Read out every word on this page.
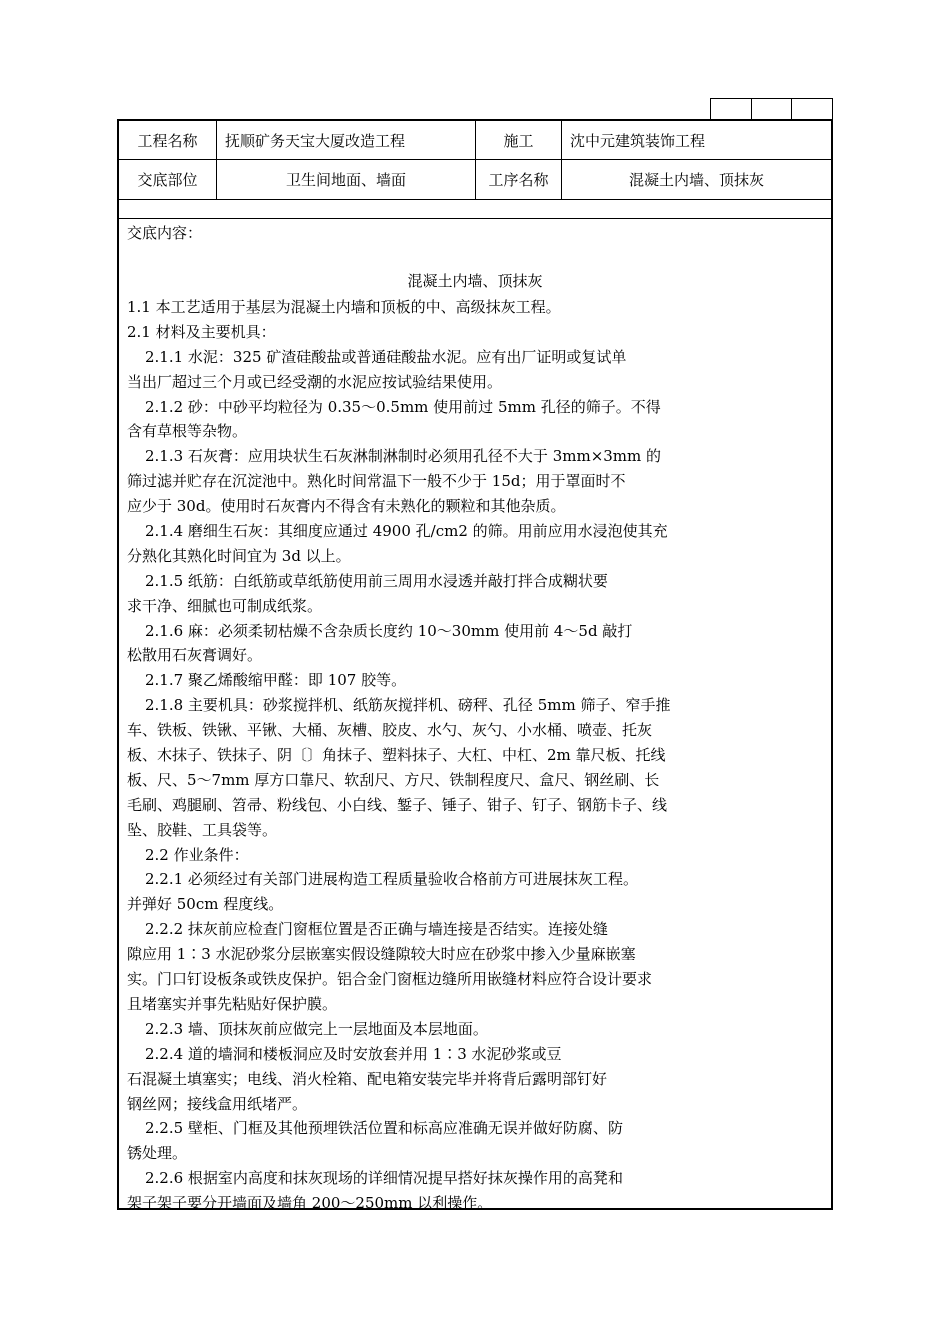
工程名称	抚顺矿务天宝大厦改造工程	施工	沈中元建筑装饰工程
交底部位	卫生间地面、墙面	工序名称	混凝土内墙、顶抹灰
交底内容：
混凝土内墙、顶抹灰
1.1 本工艺适用于基层为混凝土内墙和顶板的中、高级抹灰工程。
2.1 材料及主要机具：
2.1.1 水泥：325 矿渣硅酸盐或普通硅酸盐水泥。应有出厂证明或复试单
当出厂超过三个月或已经受潮的水泥应按试验结果使用。
2.1.2 砂：中砂平均粒径为 0.35～0.5mm 使用前过 5mm 孔径的筛子。不得
含有草根等杂物。
2.1.3 石灰膏：应用块状生石灰淋制淋制时必须用孔径不大于 3mm×3mm 的
筛过滤并贮存在沉淀池中。熟化时间常温下一般不少于 15d；用于罩面时不
应少于 30d。使用时石灰膏内不得含有未熟化的颗粒和其他杂质。
2.1.4 磨细生石灰：其细度应通过 4900 孔/cm2 的筛。用前应用水浸泡使其充
分熟化其熟化时间宜为 3d 以上。
2.1.5 纸筋：白纸筋或草纸筋使用前三周用水浸透并敲打拌合成糊状要
求干净、细腻也可制成纸浆。
2.1.6 麻：必须柔韧枯燥不含杂质长度约 10～30mm 使用前 4～5d 敲打
松散用石灰膏调好。
2.1.7 聚乙烯酸缩甲醛：即 107 胶等。
2.1.8 主要机具：砂浆搅拌机、纸筋灰搅拌机、磅秤、孔径 5mm 筛子、窄手推
车、铁板、铁锹、平锹、大桶、灰槽、胶皮、水勺、灰勺、小水桶、喷壶、托灰
板、木抹子、铁抹子、阴〔〕角抹子、塑料抹子、大杠、中杠、2m 靠尺板、托线
板、尺、5～7mm 厚方口靠尺、软刮尺、方尺、铁制程度尺、盒尺、钢丝刷、长
毛刷、鸡腿刷、笤帚、粉线包、小白线、錾子、锤子、钳子、钉子、钢筋卡子、线
坠、胶鞋、工具袋等。
2.2 作业条件：
2.2.1 必须经过有关部门进展构造工程质量验收合格前方可进展抹灰工程。
并弹好 50cm 程度线。
2.2.2 抹灰前应检查门窗框位置是否正确与墙连接是否结实。连接处缝
隙应用 1∶3 水泥砂浆分层嵌塞实假设缝隙较大时应在砂浆中掺入少量麻嵌塞
实。门口钉设板条或铁皮保护。铝合金门窗框边缝所用嵌缝材料应符合设计要求
且堵塞实并事先粘贴好保护膜。
2.2.3 墙、顶抹灰前应做完上一层地面及本层地面。
2.2.4 道的墙洞和楼板洞应及时安放套并用 1∶3 水泥砂浆或豆
石混凝土填塞实；电线、消火栓箱、配电箱安装完毕并将背后露明部钉好
钢丝网；接线盒用纸堵严。
2.2.5 壁柜、门框及其他预埋铁活位置和标高应准确无误并做好防腐、防
锈处理。
2.2.6 根据室内高度和抹灰现场的详细情况提早搭好抹灰操作用的高凳和
架子架子要分开墙面及墙角 200～250mm 以利操作。
